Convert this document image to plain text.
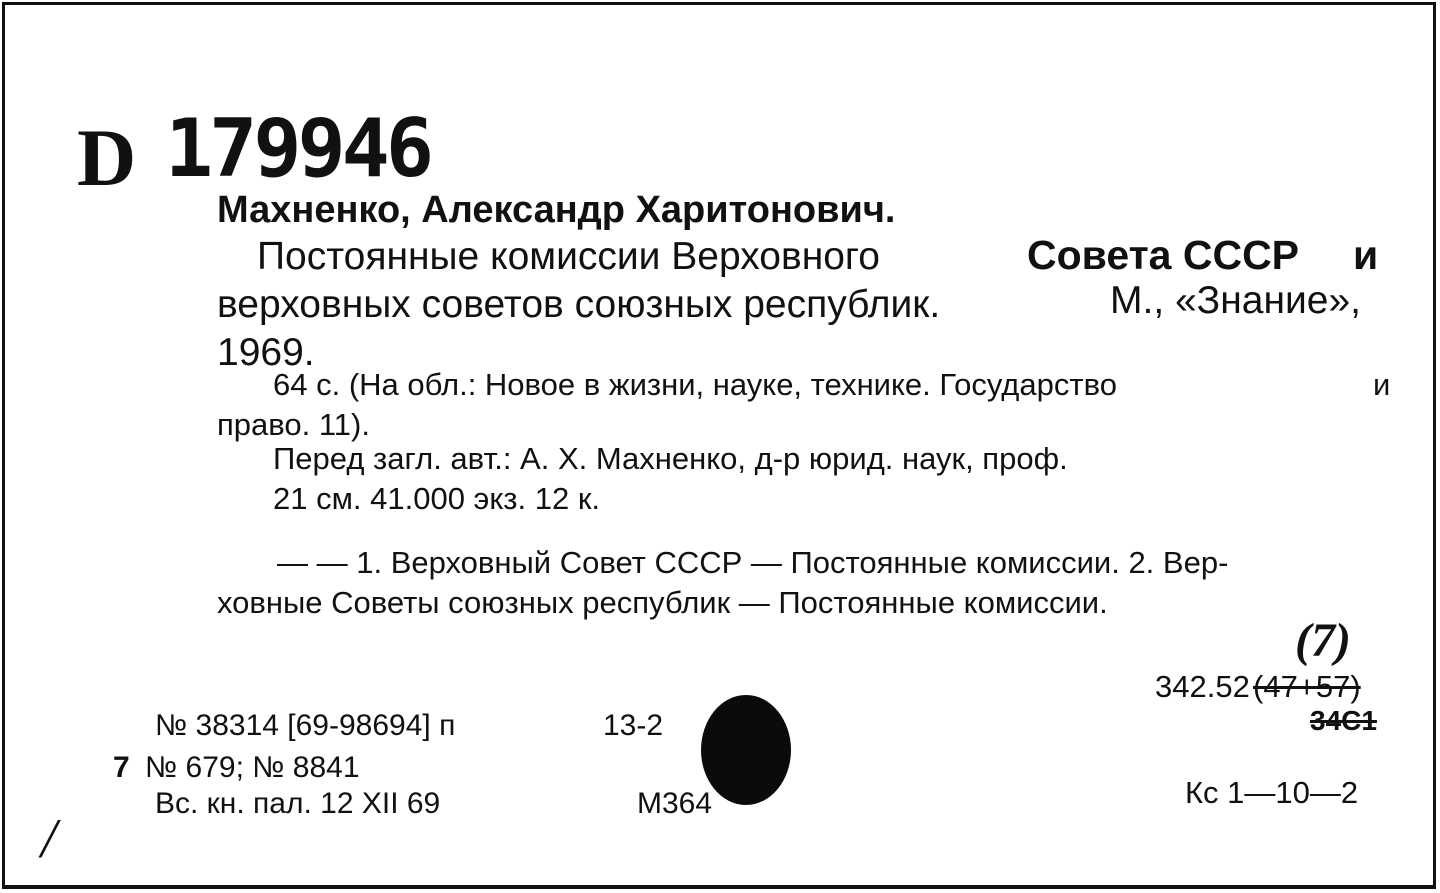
D 179946
Махненко, Александр Харитонович.
Постоянные комиссии Верховного	Совета СССР и
верховных советов союзных республик.	М., «Знание»,
1969.
64 с. (На обл.: Новое в жизни, науке, технике. Государство	и
право. 11).
Перед загл. авт.: А. Х. Махненко, д-р юрид. наук, проф.
21 см. 41.000 экз. 12 к.
— — 1. Верховный Совет СССР — Постоянные комиссии. 2. Вер-
ховные Советы союзных республик — Постоянные комиссии.
(7)
342.52 (47+57)
34С1
№ 38314 [69-98694] п	13-2
7 № 679; № 8841
Вс. кн. пал. 12 XII 69	M364	Кс 1—10—2
/
